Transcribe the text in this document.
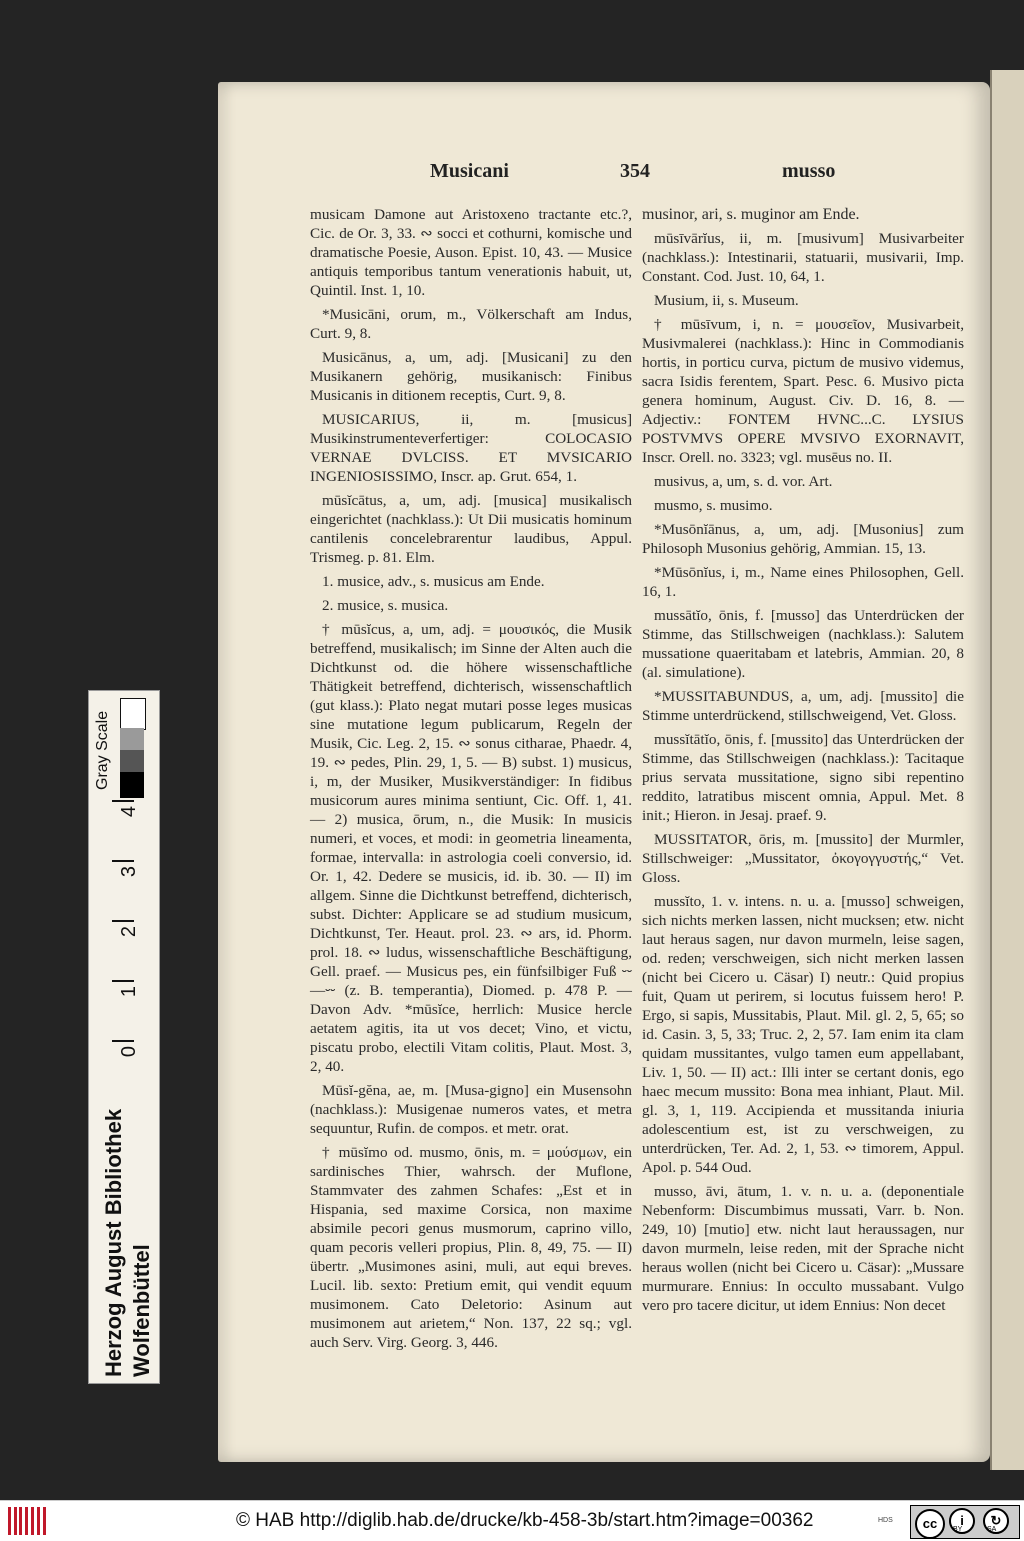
Musicani	354	musso

musicam Damone aut Aristoxeno tractante etc.?, Cic. de Or. 3, 33. ∾ socci et cothurni, komische und dramatische Poesie, Auson. Epist. 10, 43. — Musice antiquis temporibus tantum venerationis habuit, ut, Quintil. Inst. 1, 10.

*Musicāni, orum, m., Völkerschaft am Indus, Curt. 9, 8.

Musicānus, a, um, adj. [Musicani] zu den Musikanern gehörig, musikanisch: Finibus Musicanis in ditionem receptis, Curt. 9, 8.

MUSICARIUS, ii, m. [musicus] Musikinstrumenteverfertiger: COLOCASIO VERNAE DVLCISS. ET MVSICARIO INGENIOSISSIMO, Inscr. ap. Grut. 654, 1.

mūsĭcātus, a, um, adj. [musica] musikalisch eingerichtet (nachklass.): Ut Dii musicatis hominum cantilenis concelebrarentur laudibus, Appul. Trismeg. p. 81. Elm.

1. musice, adv., s. musicus am Ende.

2. musice, s. musica.

† mūsĭcus, a, um, adj. = μουσικός, die Musik betreffend, musikalisch; im Sinne der Alten auch die Dichtkunst od. die höhere wissenschaftliche Thätigkeit betreffend, dichterisch, wissenschaftlich (gut klass.): Plato negat mutari posse leges musicas sine mutatione legum publicarum, Regeln der Musik, Cic. Leg. 2, 15. ∾ sonus citharae, Phaedr. 4, 19. ∾ pedes, Plin. 29, 1, 5. — B) subst. 1) musicus, i, m, der Musiker, Musikverständiger: In fidibus musicorum aures minima sentiunt, Cic. Off. 1, 41. — 2) musica, ōrum, n., die Musik: In musicis numeri, et voces, et modi: in geometria lineamenta, formae, intervalla: in astrologia coeli conversio, id. Or. 1, 42. Dedere se musicis, id. ib. 30. — II) im allgem. Sinne die Dichtkunst betreffend, dichterisch, subst. Dichter: Applicare se ad studium musicum, Dichtkunst, Ter. Heaut. prol. 23. ∾ ars, id. Phorm. prol. 18. ∾ ludus, wissenschaftliche Beschäftigung, Gell. praef. — Musicus pes, ein fünfsilbiger Fuß ⏑⏑—⏑⏑ (z. B. temperantia), Diomed. p. 478 P. — Davon Adv. *mūsĭce, herrlich: Musice hercle aetatem agitis, ita ut vos decet; Vino, et victu, piscatu probo, electili Vitam colitis, Plaut. Most. 3, 2, 40.

Mūsĭ-gĕna, ae, m. [Musa-gigno] ein Musensohn (nachklass.): Musigenae numeros vates, et metra sequuntur, Rufin. de compos. et metr. orat.

† mūsĭmo od. musmo, ōnis, m. = μούσμων, ein sardinisches Thier, wahrsch. der Muflone, Stammvater des zahmen Schafes: „Est et in Hispania, sed maxime Corsica, non maxime absimile pecori genus musmorum, caprino villo, quam pecoris velleri propius, Plin. 8, 49, 75. — II) übertr. „Musimones asini, muli, aut equi breves. Lucil. lib. sexto: Pretium emit, qui vendit equum musimonem. Cato Deletorio: Asinum aut musimonem aut arietem,“ Non. 137, 22 sq.; vgl. auch Serv. Virg. Georg. 3, 446.

musinor, ari, s. muginor am Ende.

mūsīvārĭus, ii, m. [musivum] Musivarbeiter (nachklass.): Intestinarii, statuarii, musivarii, Imp. Constant. Cod. Just. 10, 64, 1.

Musium, ii, s. Museum.

† mūsīvum, i, n. = μουσεῖον, Musivarbeit, Musivmalerei (nachklass.): Hinc in Commodianis hortis, in porticu curva, pictum de musivo videmus, sacra Isidis ferentem, Spart. Pesc. 6. Musivo picta genera hominum, August. Civ. D. 16, 8. — Adjectiv.: FONTEM HVNC...C. LYSIUS POSTVMVS OPERE MVSIVO EXORNAVIT, Inscr. Orell. no. 3323; vgl. musēus no. II.

musivus, a, um, s. d. vor. Art.

musmo, s. musimo.

*Musōnĭānus, a, um, adj. [Musonius] zum Philosoph Musonius gehörig, Ammian. 15, 13.

*Mūsōnĭus, i, m., Name eines Philosophen, Gell. 16, 1.

mussātĭo, ōnis, f. [musso] das Unterdrücken der Stimme, das Stillschweigen (nachklass.): Salutem mussatione quaeritabam et latebris, Ammian. 20, 8 (al. simulatione).

*MUSSITABUNDUS, a, um, adj. [mussito] die Stimme unterdrückend, stillschweigend, Vet. Gloss.

mussĭtātĭo, ōnis, f. [mussito] das Unterdrücken der Stimme, das Stillschweigen (nachklass.): Tacitaque prius servata mussitatione, signo sibi repentino reddito, latratibus miscent omnia, Appul. Met. 8 init.; Hieron. in Jesaj. praef. 9.

MUSSITATOR, ōris, m. [mussito] der Murmler, Stillschweiger: „Mussitator, ὀκογογγυστής,“ Vet. Gloss.

mussĭto, 1. v. intens. n. u. a. [musso] schweigen, sich nichts merken lassen, nicht mucksen; etw. nicht laut heraus sagen, nur davon murmeln, leise sagen, od. reden; verschweigen, sich nicht merken lassen (nicht bei Cicero u. Cäsar) I) neutr.: Quid propius fuit, Quam ut perirem, si locutus fuissem hero! P. Ergo, si sapis, Mussitabis, Plaut. Mil. gl. 2, 5, 65; so id. Casin. 3, 5, 33; Truc. 2, 2, 57. Iam enim ita clam quidam mussitantes, vulgo tamen eum appellabant, Liv. 1, 50. — II) act.: Illi inter se certant donis, ego haec mecum mussito: Bona mea inhiant, Plaut. Mil. gl. 3, 1, 119. Accipienda et mussitanda iniuria adolescentium est, ist zu verschweigen, zu unterdrücken, Ter. Ad. 2, 1, 53. ∾ timorem, Appul. Apol. p. 544 Oud.

musso, āvi, ātum, 1. v. n. u. a. (deponentiale Nebenform: Discumbimus mussati, Varr. b. Non. 249, 10) [mutio] etw. nicht laut heraussagen, nur davon murmeln, leise reden, mit der Sprache nicht heraus wollen (nicht bei Cicero u. Cäsar): „Mussare murmurare. Ennius: In occulto mussabant. Vulgo vero pro tacere dicitur, ut idem Ennius: Non decet

Herzog August Bibliothek Wolfenbüttel
Gray Scale
4
3
2
1
0
© HAB http://diglib.hab.de/drucke/kb-458-3b/start.htm?image=00362	HDS	cc	i	↻
BY	SA
